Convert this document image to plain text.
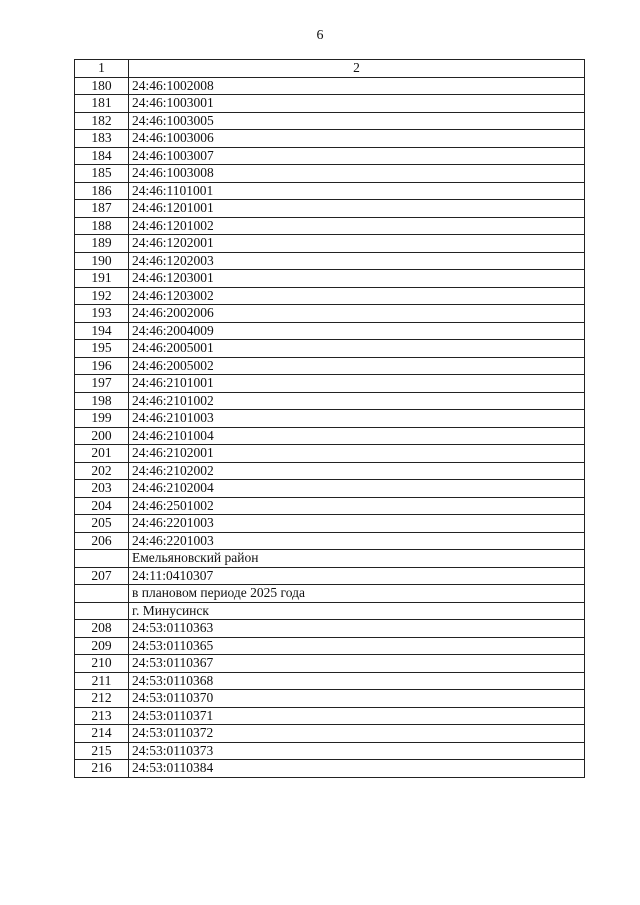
6
1	2
180	24:46:1002008
181	24:46:1003001
182	24:46:1003005
183	24:46:1003006
184	24:46:1003007
185	24:46:1003008
186	24:46:1101001
187	24:46:1201001
188	24:46:1201002
189	24:46:1202001
190	24:46:1202003
191	24:46:1203001
192	24:46:1203002
193	24:46:2002006
194	24:46:2004009
195	24:46:2005001
196	24:46:2005002
197	24:46:2101001
198	24:46:2101002
199	24:46:2101003
200	24:46:2101004
201	24:46:2102001
202	24:46:2102002
203	24:46:2102004
204	24:46:2501002
205	24:46:2201003
206	24:46:2201003
	Емельяновский район
207	24:11:0410307
	в плановом периоде 2025 года
	г. Минусинск
208	24:53:0110363
209	24:53:0110365
210	24:53:0110367
211	24:53:0110368
212	24:53:0110370
213	24:53:0110371
214	24:53:0110372
215	24:53:0110373
216	24:53:0110384
